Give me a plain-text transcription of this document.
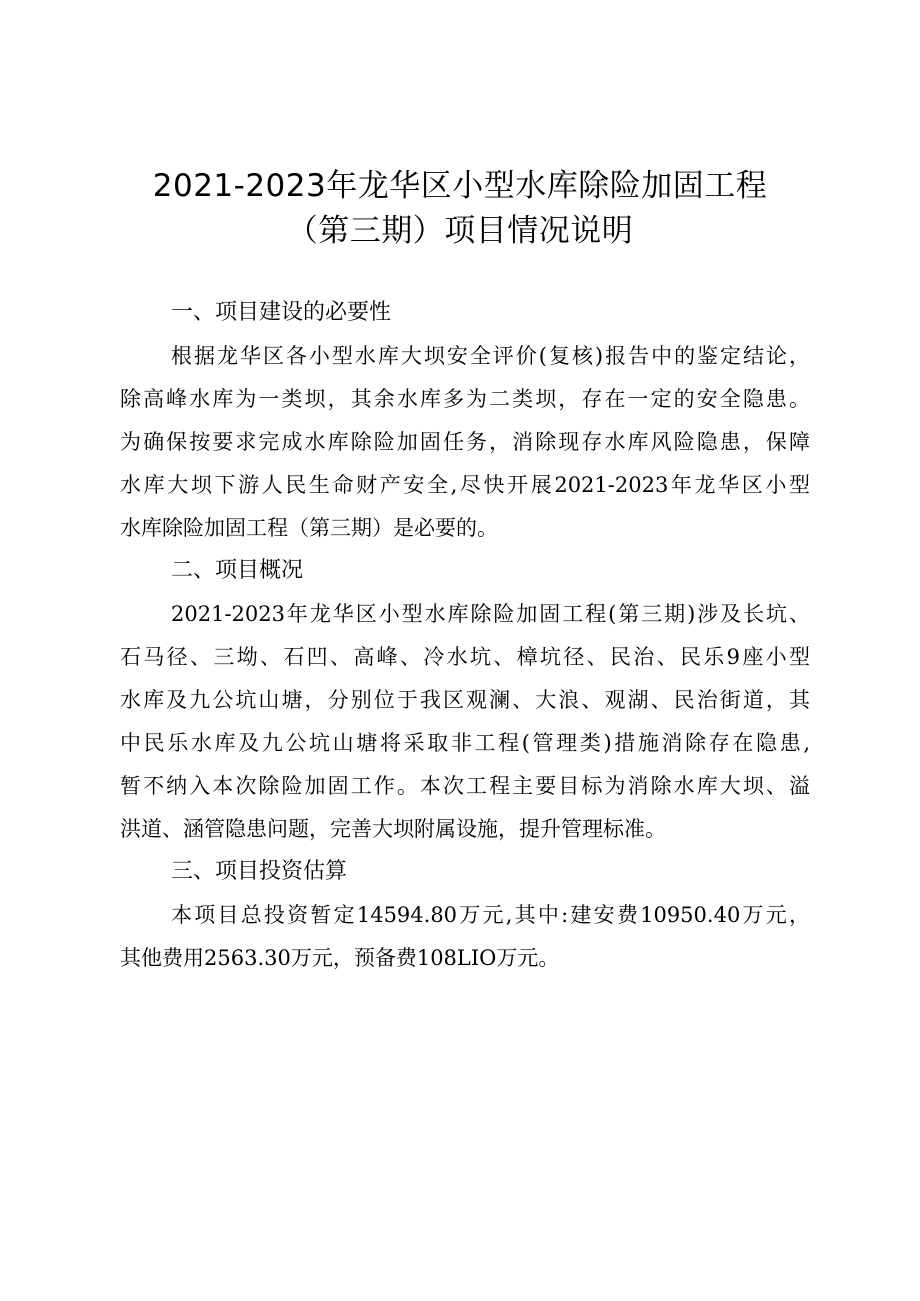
2021-2023年龙华区小型水库除险加固工程
（第三期）项目情况说明
一、项目建设的必要性
根据龙华区各小型水库大坝安全评价(复核)报告中的鉴定结论，
除高峰水库为一类坝，其余水库多为二类坝，存在一定的安全隐患。
为确保按要求完成水库除险加固任务，消除现存水库风险隐患，保障
水库大坝下游人民生命财产安全,尽快开展2021-2023年龙华区小型
水库除险加固工程（第三期）是必要的。
二、项目概况
2021-2023年龙华区小型水库除险加固工程(第三期)涉及长坑、
石马径、三坳、石凹、高峰、冷水坑、樟坑径、民治、民乐9座小型
水库及九公坑山塘，分别位于我区观澜、大浪、观湖、民治街道，其
中民乐水库及九公坑山塘将采取非工程(管理类)措施消除存在隐患,
暂不纳入本次除险加固工作。本次工程主要目标为消除水库大坝、溢
洪道、涵管隐患问题，完善大坝附属设施，提升管理标准。
三、项目投资估算
本项目总投资暂定14594.80万元,其中:建安费10950.40万元，
其他费用2563.30万元，预备费108LIO万元。
